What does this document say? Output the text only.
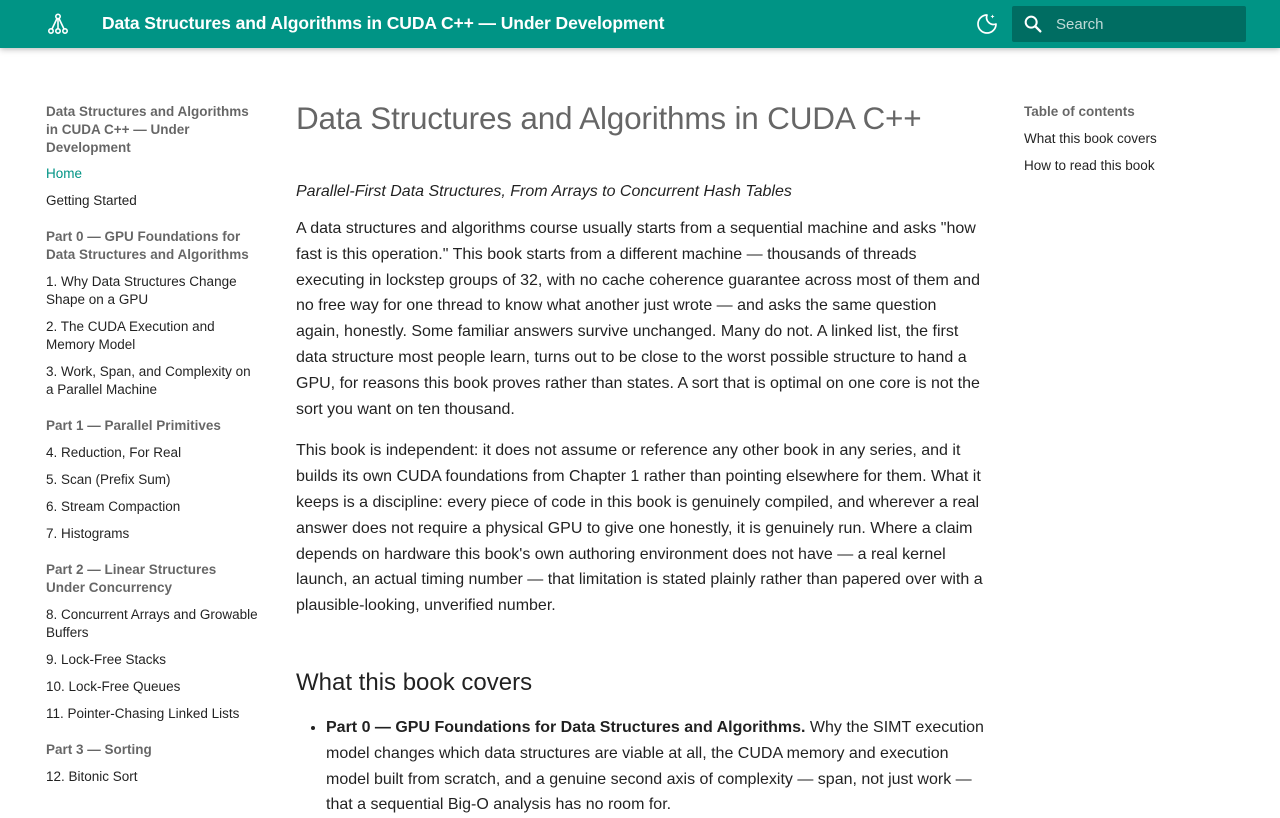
Data Structures and Algorithms in CUDA C++ — Under Development
Search
Data Structures and Algorithms in CUDA C++ — Under Development
Home
Getting Started
Part 0 — GPU Foundations for Data Structures and Algorithms
1. Why Data Structures Change Shape on a GPU
2. The CUDA Execution and Memory Model
3. Work, Span, and Complexity on a Parallel Machine
Part 1 — Parallel Primitives
4. Reduction, For Real
5. Scan (Prefix Sum)
6. Stream Compaction
7. Histograms
Part 2 — Linear Structures Under Concurrency
8. Concurrent Arrays and Growable Buffers
9. Lock-Free Stacks
10. Lock-Free Queues
11. Pointer-Chasing Linked Lists
Part 3 — Sorting
12. Bitonic Sort
Data Structures and Algorithms in CUDA C++

Parallel-First Data Structures, From Arrays to Concurrent Hash Tables

A data structures and algorithms course usually starts from a sequential machine and asks "how fast is this operation." This book starts from a different machine — thousands of threads executing in lockstep groups of 32, with no cache coherence guarantee across most of them and no free way for one thread to know what another just wrote — and asks the same question again, honestly. Some familiar answers survive unchanged. Many do not. A linked list, the first data structure most people learn, turns out to be close to the worst possible structure to hand a GPU, for reasons this book proves rather than states. A sort that is optimal on one core is not the sort you want on ten thousand.

This book is independent: it does not assume or reference any other book in any series, and it builds its own CUDA foundations from Chapter 1 rather than pointing elsewhere for them. What it keeps is a discipline: every piece of code in this book is genuinely compiled, and wherever a real answer does not require a physical GPU to give one honestly, it is genuinely run. Where a claim depends on hardware this book's own authoring environment does not have — a real kernel launch, an actual timing number — that limitation is stated plainly rather than papered over with a plausible-looking, unverified number.

What this book covers
• Part 0 — GPU Foundations for Data Structures and Algorithms. Why the SIMT execution model changes which data structures are viable at all, the CUDA memory and execution model built from scratch, and a genuine second axis of complexity — span, not just work — that a sequential Big-O analysis has no room for.
Table of contents
What this book covers
How to read this book
